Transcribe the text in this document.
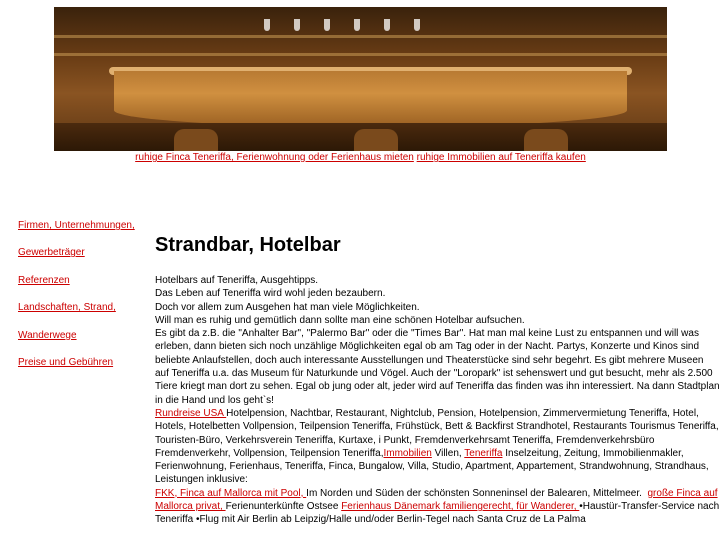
ruhige Finca Teneriffa, Ferienwohnung oder Ferienhaus mieten ruhige Immobilien auf Teneriffa kaufen
Firmen, Unternehmungen,
Gewerbeträger
Referenzen
Landschaften, Strand,
Wanderwege
Preise und Gebühren
Strandbar, Hotelbar

Hotelbars auf Teneriffa, Ausgehtipps.

Das Leben auf Teneriffa wird wohl jeden bezaubern.

Doch vor allem zum Ausgehen hat man viele Möglichkeiten.

Will man es ruhig und gemütlich dann sollte man eine schönen Hotelbar aufsuchen.

Es gibt da z.B. die "Anhalter Bar", "Palermo Bar" oder die "Times Bar". Hat man mal keine Lust zu entspannen und will was erleben, dann bieten sich noch unzählige Möglichkeiten egal ob am Tag oder in der Nacht. Partys, Konzerte und Kinos sind beliebte Anlaufstellen, doch auch interessante Ausstellungen und Theaterstücke sind sehr begehrt. Es gibt mehrere Museen auf Teneriffa u.a. das Museum für Naturkunde und Vögel. Auch der "Loropark" ist sehenswert und gut besucht, mehr als 2.500 Tiere kriegt man dort zu sehen. Egal ob jung oder alt, jeder wird auf Teneriffa das finden was ihn interessiert. Na dann Stadtplan in die Hand und los geht`s!

Rundreise USA Hotelpension, Nachtbar, Restaurant, Nightclub, Pension, Hotelpension, Zimmervermietung Teneriffa, Hotel, Hotels, Hotelbetten Vollpension, Teilpension Teneriffa, Frühstück, Bett & Backfirst Strandhotel, Restaurants Tourismus Teneriffa, Touristen-Büro, Verkehrsverein Teneriffa, Kurtaxe, i Punkt, Fremdenverkehrsamt Teneriffa, Fremdenverkehrsbüro Fremdenverkehr, Vollpension, Teilpension Teneriffa,Immobilien Villen, Teneriffa Inselzeitung, Zeitung, Immobilienmakler, Ferienwohnung, Ferienhaus, Teneriffa, Finca, Bungalow, Villa, Studio, Apartment, Appartement, Strandwohnung, Strandhaus,

Leistungen inklusive:

FKK, Finca auf Mallorca mit Pool, Im Norden und Süden der schönsten Sonneninsel der Balearen, Mittelmeer. große Finca auf Mallorca privat, Ferienunterkünfte Ostsee Ferienhaus Dänemark familiengerecht, für Wanderer, •Haustür-Transfer-Service nach Teneriffa •Flug mit Air Berlin ab Leipzig/Halle und/oder Berlin-Tegel nach Santa Cruz de La Palma
